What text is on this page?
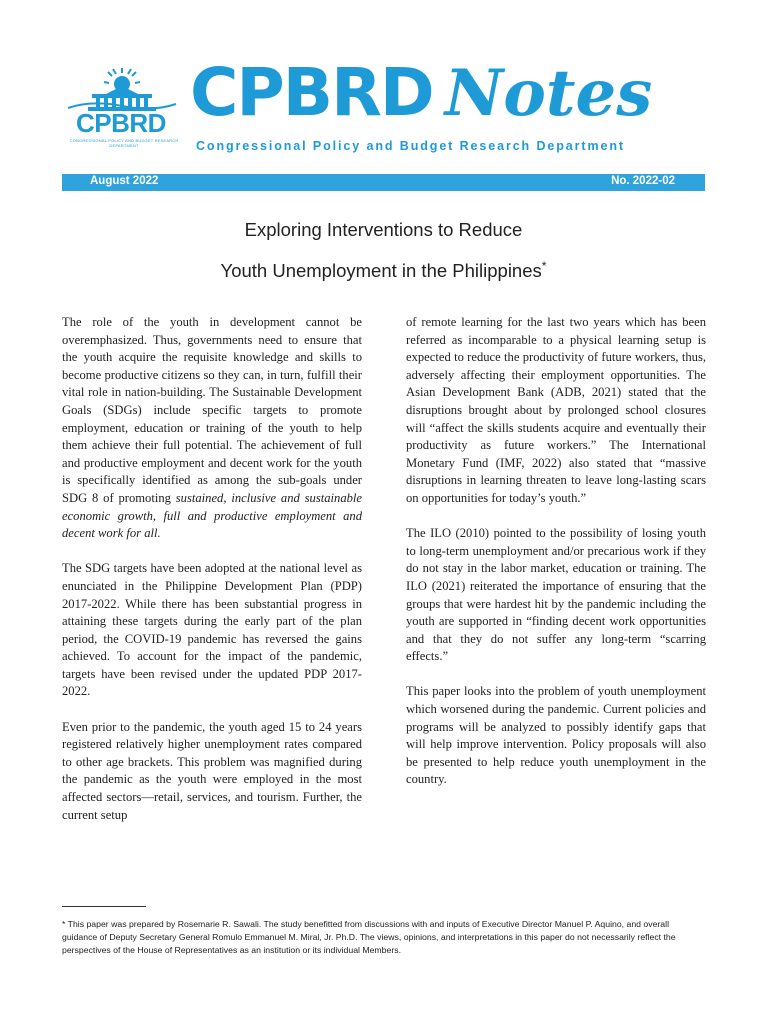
CPBRD
CONGRESSIONAL POLICY AND BUDGET RESEARCH DEPARTMENT
CPBRD Notes
Congressional Policy and Budget Research Department
August 2022	No. 2022-02
Exploring Interventions to Reduce
Youth Unemployment in the Philippines*

The role of the youth in development cannot be overemphasized. Thus, governments need to ensure that the youth acquire the requisite knowledge and skills to become productive citizens so they can, in turn, fulfill their vital role in nation-building. The Sustainable Development Goals (SDGs) include specific targets to promote employment, education or training of the youth to help them achieve their full potential. The achievement of full and productive employment and decent work for the youth is specifically identified as among the sub-goals under SDG 8 of promoting sustained, inclusive and sustainable economic growth, full and productive employment and decent work for all.

The SDG targets have been adopted at the national level as enunciated in the Philippine Development Plan (PDP) 2017-2022. While there has been substantial progress in attaining these targets during the early part of the plan period, the COVID-19 pandemic has reversed the gains achieved. To account for the impact of the pandemic, targets have been revised under the updated PDP 2017-2022.

Even prior to the pandemic, the youth aged 15 to 24 years registered relatively higher unemployment rates compared to other age brackets. This problem was magnified during the pandemic as the youth were employed in the most affected sectors—retail, services, and tourism. Further, the current setup

of remote learning for the last two years which has been referred as incomparable to a physical learning setup is expected to reduce the productivity of future workers, thus, adversely affecting their employment opportunities. The Asian Development Bank (ADB, 2021) stated that the disruptions brought about by prolonged school closures will “affect the skills students acquire and eventually their productivity as future workers.” The International Monetary Fund (IMF, 2022) also stated that “massive disruptions in learning threaten to leave long-lasting scars on opportunities for today’s youth.”

The ILO (2010) pointed to the possibility of losing youth to long-term unemployment and/or precarious work if they do not stay in the labor market, education or training. The ILO (2021) reiterated the importance of ensuring that the groups that were hardest hit by the pandemic including the youth are supported in “finding decent work opportunities and that they do not suffer any long-term “scarring effects.”

This paper looks into the problem of youth unemployment which worsened during the pandemic. Current policies and programs will be analyzed to possibly identify gaps that will help improve intervention. Policy proposals will also be presented to help reduce youth unemployment in the country.

* This paper was prepared by Rosemarie R. Sawali. The study benefitted from discussions with and inputs of Executive Director Manuel P. Aquino, and overall guidance of Deputy Secretary General Romulo Emmanuel M. Miral, Jr. Ph.D. The views, opinions, and interpretations in this paper do not necessarily reflect the perspectives of the House of Representatives as an institution or its individual Members.
